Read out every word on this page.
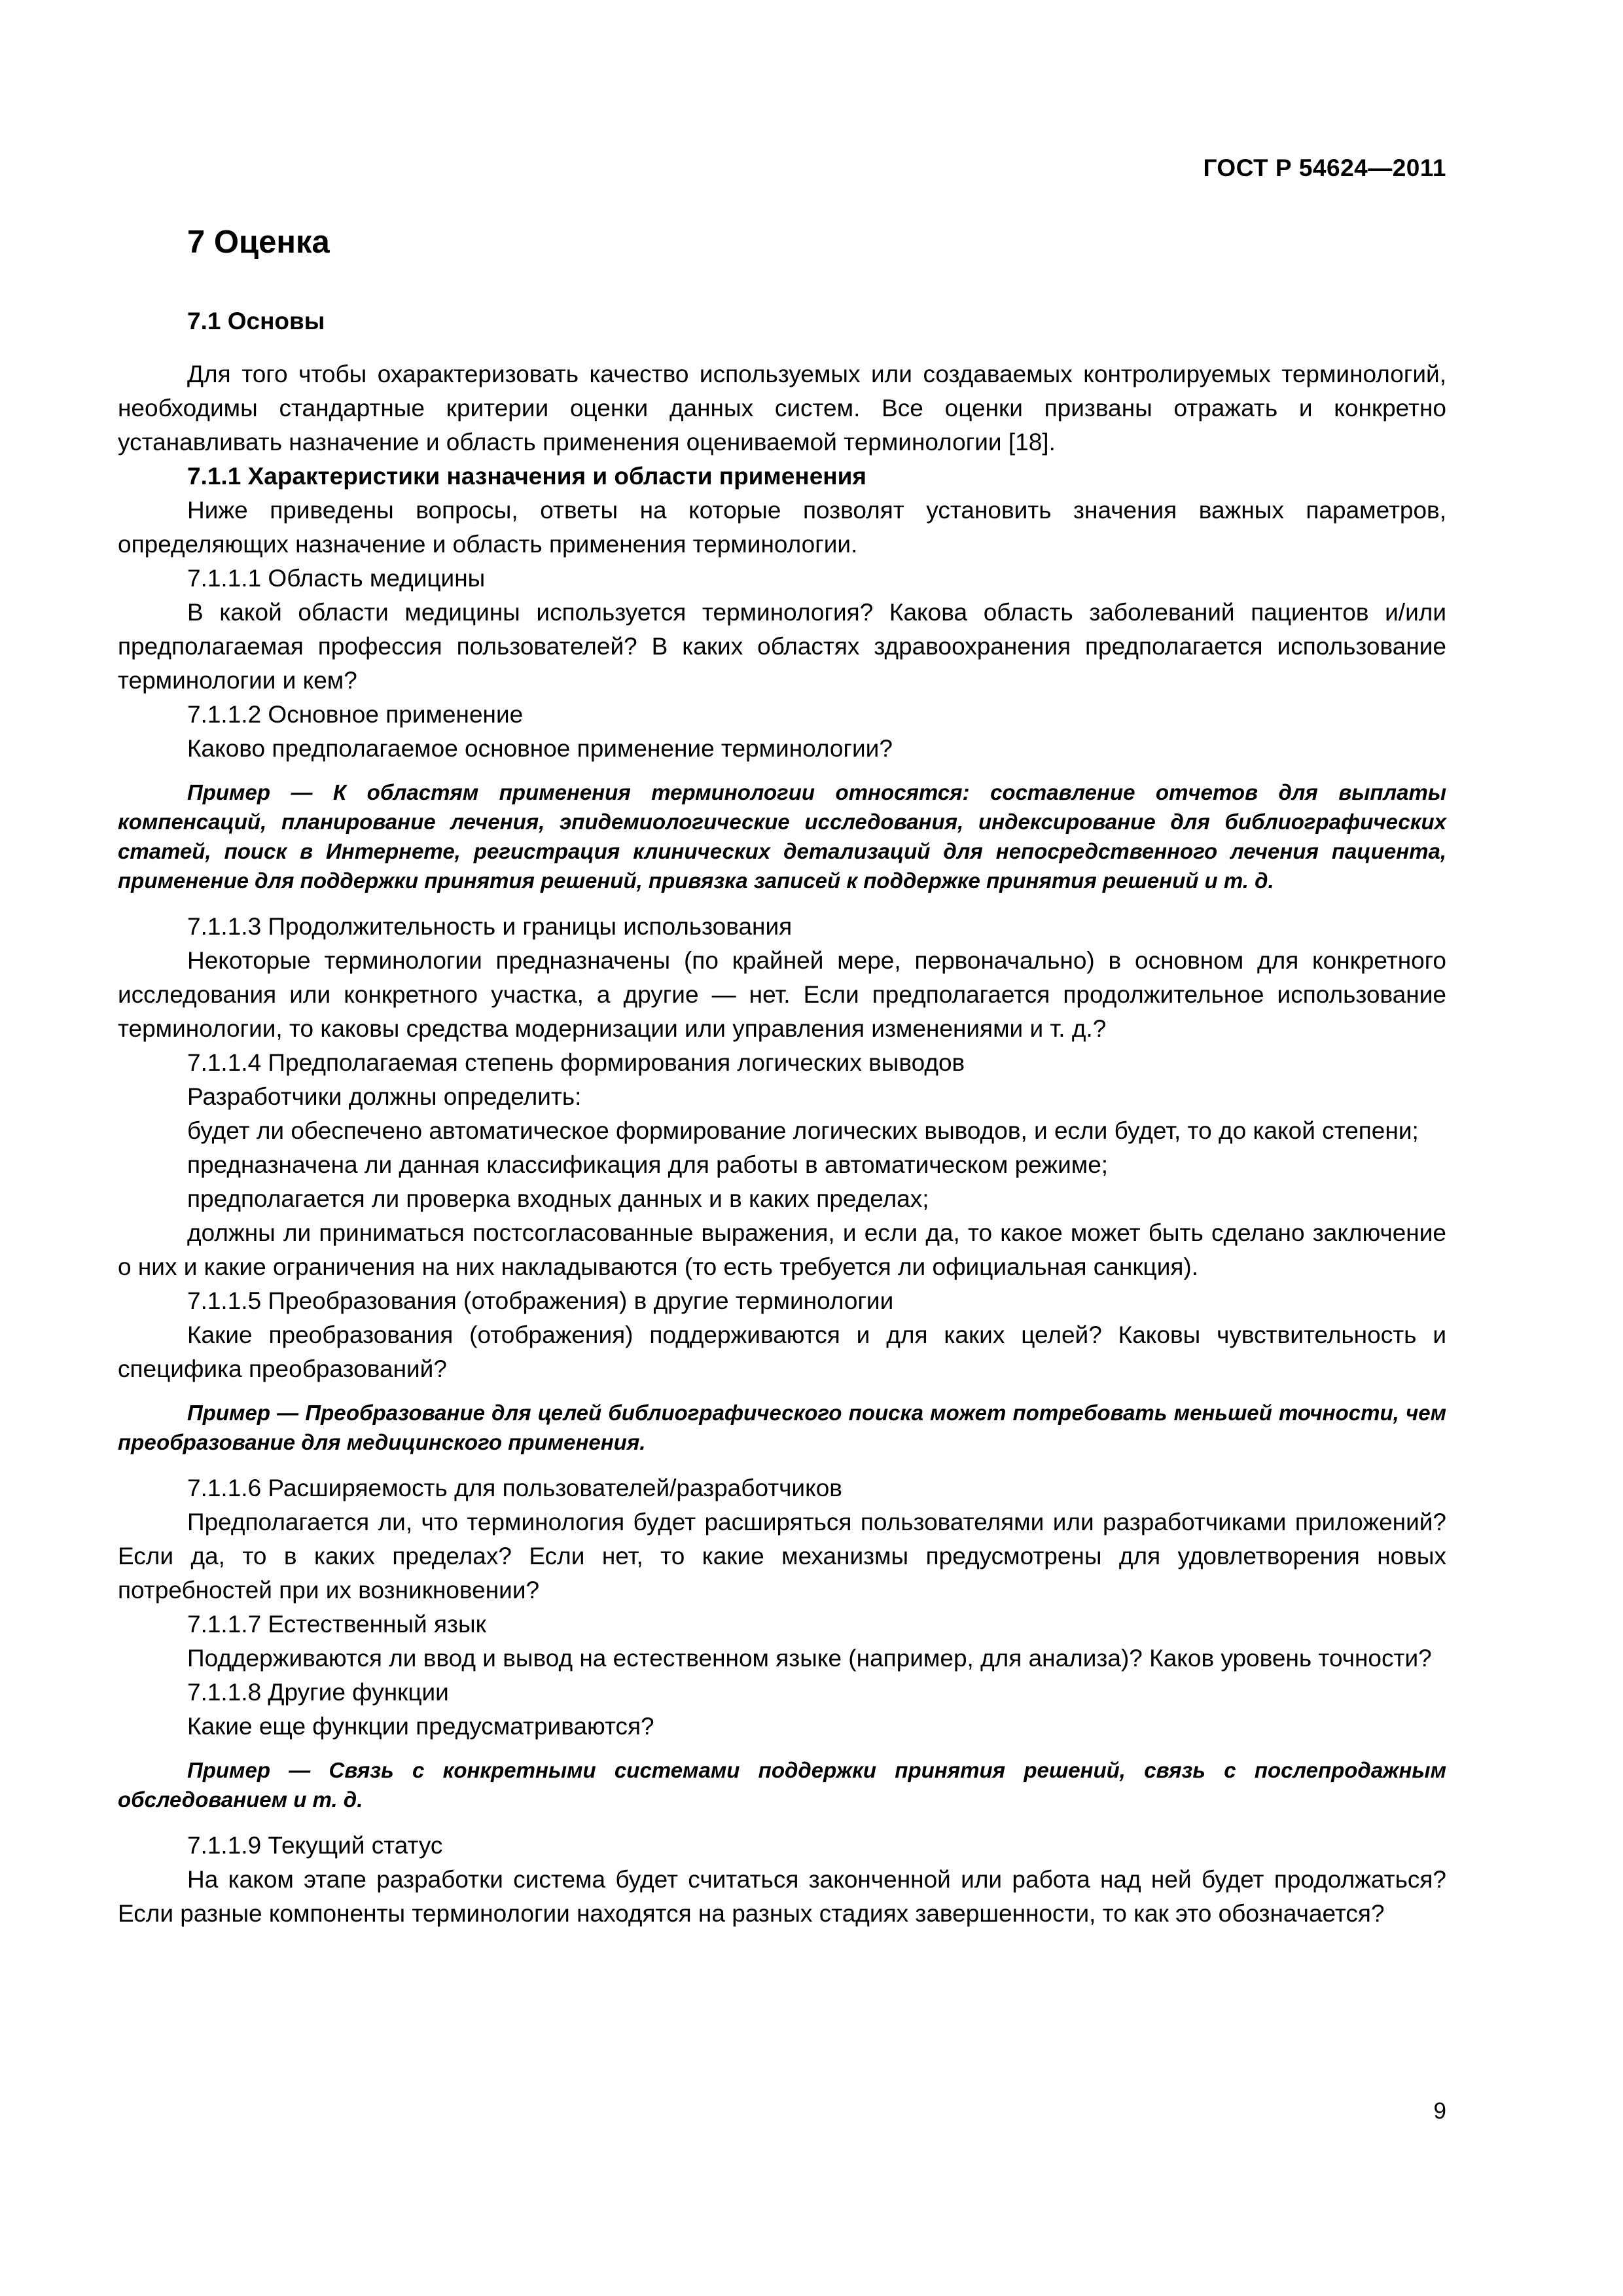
ГОСТ Р 54624—2011
7 Оценка
7.1 Основы

Для того чтобы охарактеризовать качество используемых или создаваемых контролируемых терминологий, необходимы стандартные критерии оценки данных систем. Все оценки призваны отражать и конкретно устанавливать назначение и область применения оцениваемой терминологии [18].

7.1.1 Характеристики назначения и области применения

Ниже приведены вопросы, ответы на которые позволят установить значения важных параметров, определяющих назначение и область применения терминологии.

7.1.1.1 Область медицины

В какой области медицины используется терминология? Какова область заболеваний пациентов и/или предполагаемая профессия пользователей? В каких областях здравоохранения предполагается использование терминологии и кем?

7.1.1.2 Основное применение

Каково предполагаемое основное применение терминологии?

Пример — К областям применения терминологии относятся: составление отчетов для выплаты компенсаций, планирование лечения, эпидемиологические исследования, индексирование для библиографических статей, поиск в Интернете, регистрация клинических детализаций для непосредственного лечения пациента, применение для поддержки принятия решений, привязка записей к поддержке принятия решений и т. д.

7.1.1.3 Продолжительность и границы использования

Некоторые терминологии предназначены (по крайней мере, первоначально) в основном для конкретного исследования или конкретного участка, а другие — нет. Если предполагается продолжительное использование терминологии, то каковы средства модернизации или управления изменениями и т. д.?

7.1.1.4 Предполагаемая степень формирования логических выводов

Разработчики должны определить:

будет ли обеспечено автоматическое формирование логических выводов, и если будет, то до какой степени;

предназначена ли данная классификация для работы в автоматическом режиме;

предполагается ли проверка входных данных и в каких пределах;

должны ли приниматься постсогласованные выражения, и если да, то какое может быть сделано заключение о них и какие ограничения на них накладываются (то есть требуется ли официальная санкция).

7.1.1.5 Преобразования (отображения) в другие терминологии

Какие преобразования (отображения) поддерживаются и для каких целей? Каковы чувствительность и специфика преобразований?

Пример — Преобразование для целей библиографического поиска может потребовать меньшей точности, чем преобразование для медицинского применения.

7.1.1.6 Расширяемость для пользователей/разработчиков

Предполагается ли, что терминология будет расширяться пользователями или разработчиками приложений? Если да, то в каких пределах? Если нет, то какие механизмы предусмотрены для удовлетворения новых потребностей при их возникновении?

7.1.1.7 Естественный язык

Поддерживаются ли ввод и вывод на естественном языке (например, для анализа)? Каков уровень точности?

7.1.1.8 Другие функции

Какие еще функции предусматриваются?

Пример — Связь с конкретными системами поддержки принятия решений, связь с послепродажным обследованием и т. д.

7.1.1.9 Текущий статус

На каком этапе разработки система будет считаться законченной или работа над ней будет продолжаться? Если разные компоненты терминологии находятся на разных стадиях завершенности, то как это обозначается?

9
